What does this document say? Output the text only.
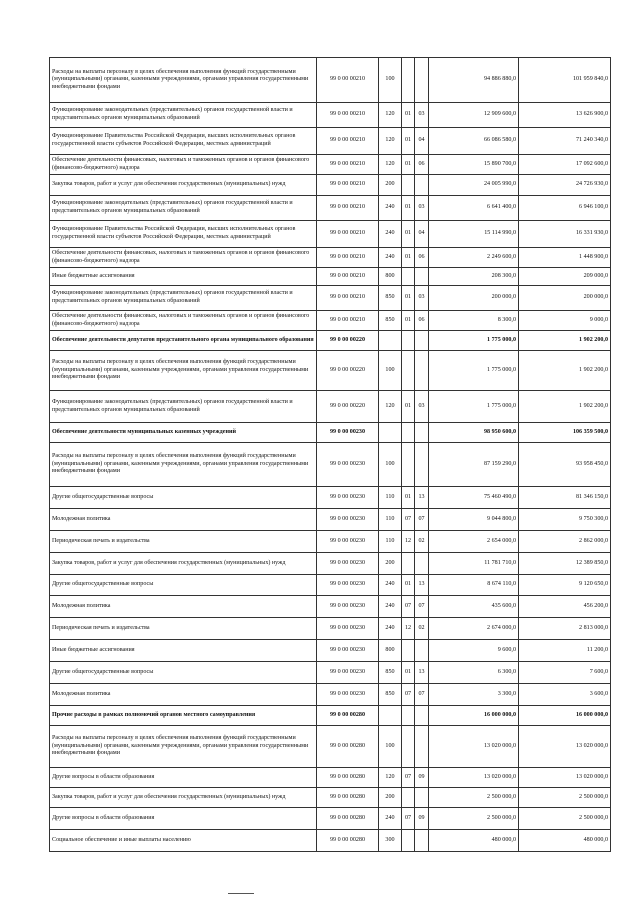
Расходы на выплаты персоналу в целях обеспечения выполнения функций государственными (муниципальными) органами, казенными учреждениями, органами управления государственными внебюджетными фондами	99 0 00 00210	100			94 886 880,0	101 959 840,0
Функционирование законодательных (представительных) органов государственной власти и представительных органов муниципальных образований	99 0 00 00210	120	01	03	12 909 600,0	13 626 900,0
Функционирование Правительства Российской Федерации, высших исполнительных органов государственной власти субъектов Российской Федерации, местных администраций	99 0 00 00210	120	01	04	66 086 580,0	71 240 340,0
Обеспечение деятельности финансовых, налоговых и таможенных органов и органов финансового (финансово-бюджетного) надзора	99 0 00 00210	120	01	06	15 890 700,0	17 092 600,0
Закупка товаров, работ и услуг для обеспечения государственных (муниципальных) нужд	99 0 00 00210	200			24 005 990,0	24 726 930,0
Функционирование законодательных (представительных) органов государственной власти и представительных органов муниципальных образований	99 0 00 00210	240	01	03	6 641 400,0	6 946 100,0
Функционирование Правительства Российской Федерации, высших исполнительных органов государственной власти субъектов Российской Федерации, местных администраций	99 0 00 00210	240	01	04	15 114 990,0	16 331 930,0
Обеспечение деятельности финансовых, налоговых и таможенных органов и органов финансового (финансово-бюджетного) надзора	99 0 00 00210	240	01	06	2 249 600,0	1 448 900,0
Иные бюджетные ассигнования	99 0 00 00210	800			208 300,0	209 000,0
Функционирование законодательных (представительных) органов государственной власти и представительных органов муниципальных образований	99 0 00 00210	850	01	03	200 000,0	200 000,0
Обеспечение деятельности финансовых, налоговых и таможенных органов и органов финансового (финансово-бюджетного) надзора	99 0 00 00210	850	01	06	8 300,0	9 000,0
Обеспечение деятельности депутатов представительного органа муниципального образования	99 0 00 00220				1 775 000,0	1 902 200,0
Расходы на выплаты персоналу в целях обеспечения выполнения функций государственными (муниципальными) органами, казенными учреждениями, органами управления государственными внебюджетными фондами	99 0 00 00220	100			1 775 000,0	1 902 200,0
Функционирование законодательных (представительных) органов государственной власти и представительных органов муниципальных образований	99 0 00 00220	120	01	03	1 775 000,0	1 902 200,0
Обеспечение деятельности муниципальных казенных учреждений	99 0 00 00230				98 950 600,0	106 359 500,0
Расходы на выплаты персоналу в целях обеспечения выполнения функций государственными (муниципальными) органами, казенными учреждениями, органами управления государственными внебюджетными фондами	99 0 00 00230	100			87 159 290,0	93 958 450,0
Другие общегосударственные вопросы	99 0 00 00230	110	01	13	75 460 490,0	81 346 150,0
Молодежная политика	99 0 00 00230	110	07	07	9 044 800,0	9 750 300,0
Периодическая печать и издательства	99 0 00 00230	110	12	02	2 654 000,0	2 862 000,0
Закупка товаров, работ и услуг для обеспечения государственных (муниципальных) нужд	99 0 00 00230	200			11 781 710,0	12 389 850,0
Другие общегосударственные вопросы	99 0 00 00230	240	01	13	8 674 110,0	9 120 650,0
Молодежная политика	99 0 00 00230	240	07	07	435 600,0	456 200,0
Периодическая печать и издательства	99 0 00 00230	240	12	02	2 674 000,0	2 813 000,0
Иные бюджетные ассигнования	99 0 00 00230	800			9 600,0	11 200,0
Другие общегосударственные вопросы	99 0 00 00230	850	01	13	6 300,0	7 600,0
Молодежная политика	99 0 00 00230	850	07	07	3 300,0	3 600,0
Прочие расходы в рамках полномочий органов местного самоуправления	99 0 00 00280				16 000 000,0	16 000 000,0
Расходы на выплаты персоналу в целях обеспечения выполнения функций государственными (муниципальными) органами, казенными учреждениями, органами управления государственными внебюджетными фондами	99 0 00 00280	100			13 020 000,0	13 020 000,0
Другие вопросы в области образования	99 0 00 00280	120	07	09	13 020 000,0	13 020 000,0
Закупка товаров, работ и услуг для обеспечения государственных (муниципальных) нужд	99 0 00 00280	200			2 500 000,0	2 500 000,0
Другие вопросы в области образования	99 0 00 00280	240	07	09	2 500 000,0	2 500 000,0
Социальное обеспечение и иные выплаты населению	99 0 00 00280	300			480 000,0	480 000,0
